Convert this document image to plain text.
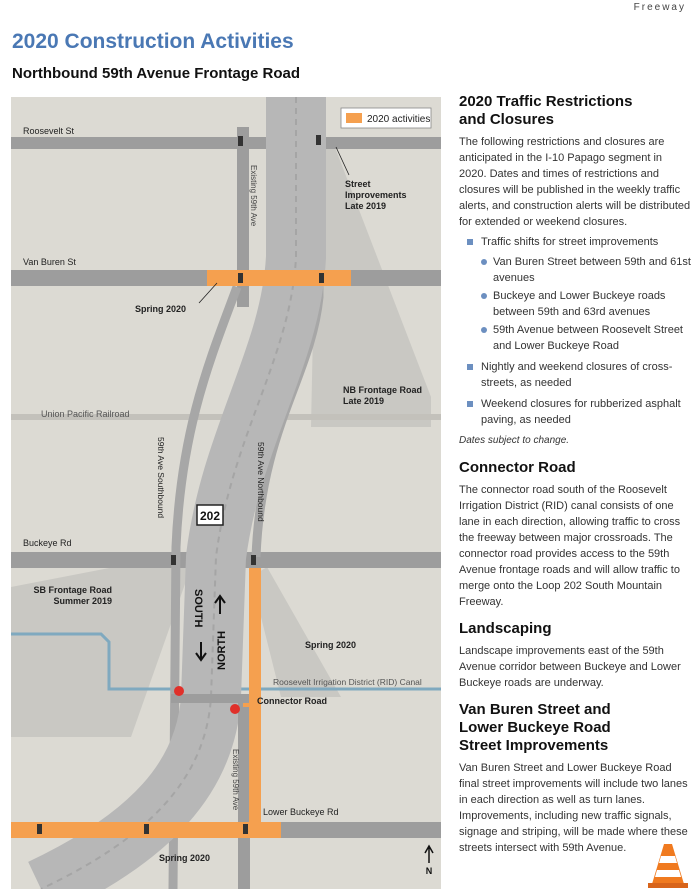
Freeway
2020 Construction Activities
Northbound 59th Avenue Frontage Road
2020 activities
Roosevelt St
Van Buren St
Union Pacific Railroad
Buckeye Rd
Lower Buckeye Rd
Roosevelt Irrigation District (RID) Canal
Existing 59th Ave
Existing 59th Ave
59th Ave Southbound	59th Ave Northbound
202
SOUTH
NORTH
Street
Improvements
Late 2019
Spring 2020
NB Frontage Road
Late 2019
SB Frontage Road
Summer 2019
Spring 2020
Connector Road
Spring 2020
N
2020 Traffic Restrictions
and Closures

The following restrictions and closures are anticipated in the I-10 Papago segment in 2020. Dates and times of restrictions and closures will be published in the weekly traffic alerts, and construction alerts will be distributed for extended or weekend closures.

Traffic shifts for street improvements
Van Buren Street between 59th and 61st avenues
Buckeye and Lower Buckeye roads between 59th and 63rd avenues
59th Avenue between Roosevelt Street and Lower Buckeye Road
Nightly and weekend closures of cross-streets, as needed
Weekend closures for rubberized asphalt paving, as needed

Dates subject to change.

Connector Road

The connector road south of the Roosevelt Irrigation District (RID) canal consists of one lane in each direction, allowing traffic to cross the freeway between major crossroads. The connector road provides access to the 59th Avenue frontage roads and will allow traffic to merge onto the Loop 202 South Mountain Freeway.

Landscaping

Landscape improvements east of the 59th Avenue corridor between Buckeye and Lower Buckeye roads are underway.

Van Buren Street and
Lower Buckeye Road
Street Improvements

Van Buren Street and Lower Buckeye Road final street improvements will include two lanes in each direction as well as turn lanes. Improvements, including new traffic signals, signage and striping, will be made where these streets intersect with 59th Avenue.
